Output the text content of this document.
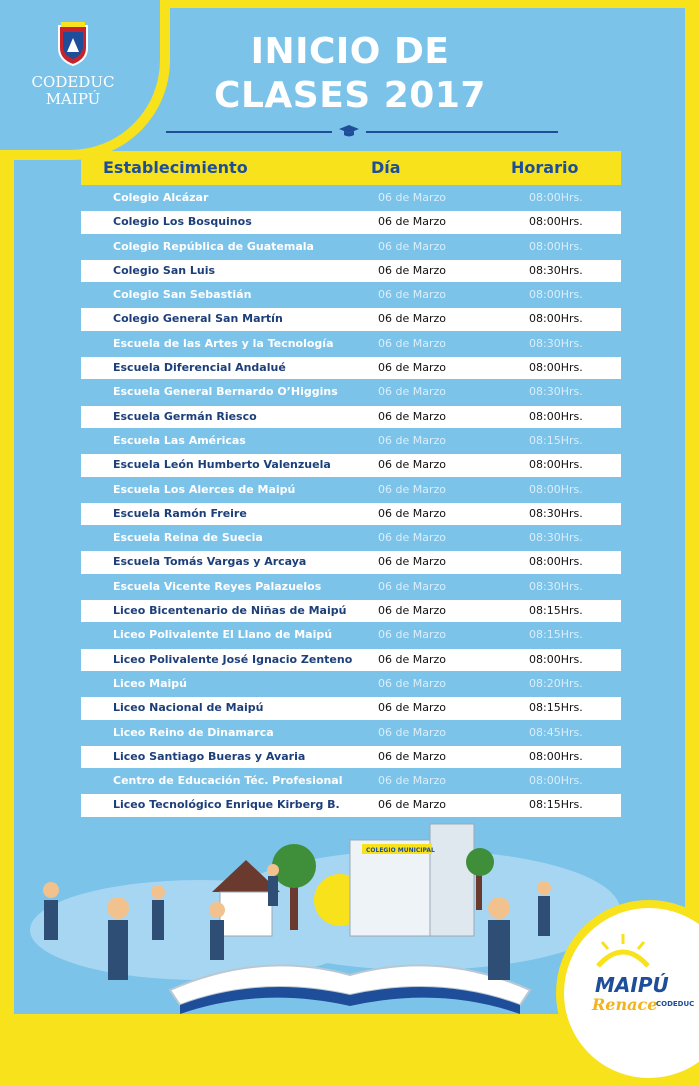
CODEDUC
MAIPÚ
INICIO DE
CLASES 2017
Establecimiento	Día	Horario
Colegio Alcázar	06 de Marzo	08:00Hrs.
Colegio Los Bosquinos	06 de Marzo	08:00Hrs.
Colegio República de Guatemala	06 de Marzo	08:00Hrs.
Colegio San Luis	06 de Marzo	08:30Hrs.
Colegio San Sebastián	06 de Marzo	08:00Hrs.
Colegio General San Martín	06 de Marzo	08:00Hrs.
Escuela de las Artes y la Tecnología	06 de Marzo	08:30Hrs.
Escuela Diferencial Andalué	06 de Marzo	08:00Hrs.
Escuela General Bernardo O’Higgins	06 de Marzo	08:30Hrs.
Escuela Germán Riesco	06 de Marzo	08:00Hrs.
Escuela Las Américas	06 de Marzo	08:15Hrs.
Escuela León Humberto Valenzuela	06 de Marzo	08:00Hrs.
Escuela Los Alerces de Maipú	06 de Marzo	08:00Hrs.
Escuela Ramón Freire	06 de Marzo	08:30Hrs.
Escuela Reina de Suecia	06 de Marzo	08:30Hrs.
Escuela Tomás Vargas y Arcaya	06 de Marzo	08:00Hrs.
Escuela Vicente Reyes Palazuelos	06 de Marzo	08:30Hrs.
Liceo Bicentenario de Niñas de Maipú	06 de Marzo	08:15Hrs.
Liceo Polivalente El Llano de Maipú	06 de Marzo	08:15Hrs.
Liceo Polivalente José Ignacio Zenteno 06 de Marzo	08:00Hrs.
Liceo Maipú	06 de Marzo	08:20Hrs.
Liceo Nacional de Maipú	06 de Marzo	08:15Hrs.
Liceo Reino de Dinamarca	06 de Marzo	08:45Hrs.
Liceo Santiago Bueras y Avaria	06 de Marzo	08:00Hrs.
Centro de Educación Téc. Profesional	06 de Marzo	08:00Hrs.
Liceo Tecnológico Enrique Kirberg B.	06 de Marzo	08:15Hrs.
COLEGIO MUNICIPAL
MAIPÚ
Renace
CODEDUC
